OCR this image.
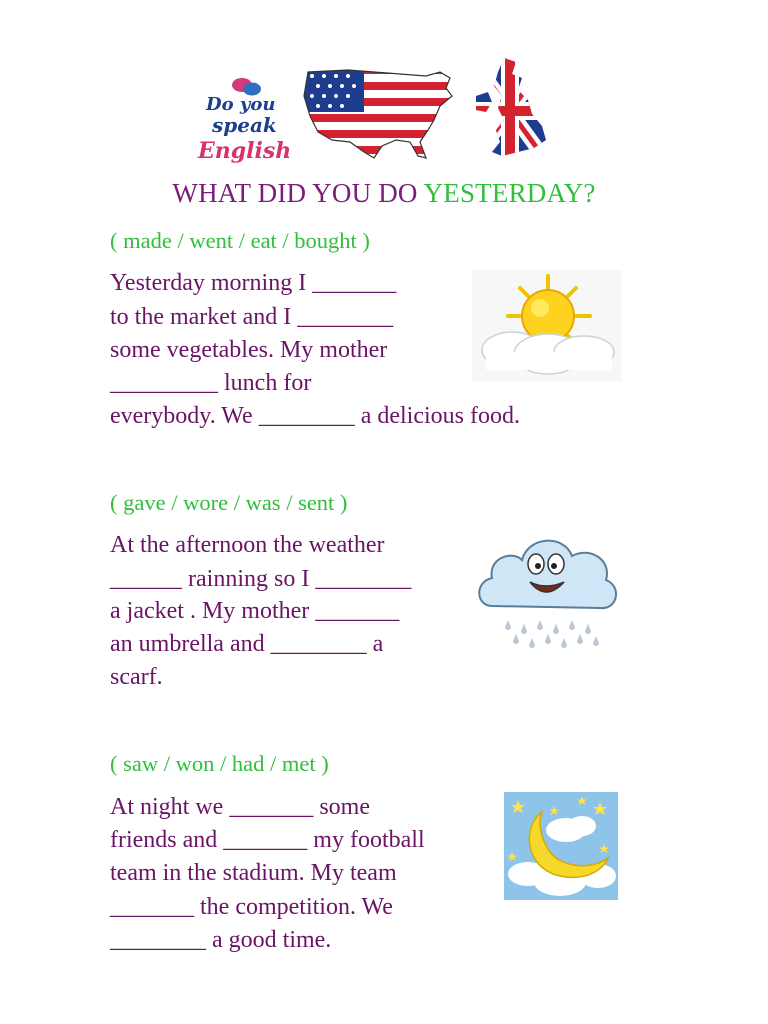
Do you
speak
English
WHAT DID YOU DO YESTERDAY?
( made / went / eat / bought )
Yesterday morning I _______
to the market and I ________
some vegetables. My mother
_________ lunch for
everybody. We ________ a delicious food.
( gave / wore / was / sent )
At the afternoon the weather
______ rainning so I ________
a jacket . My mother _______
an umbrella and ________ a
scarf.
( saw / won / had / met )
At night we _______ some
friends and _______ my football
team in the stadium. My team
_______ the competition. We
________ a good time.
